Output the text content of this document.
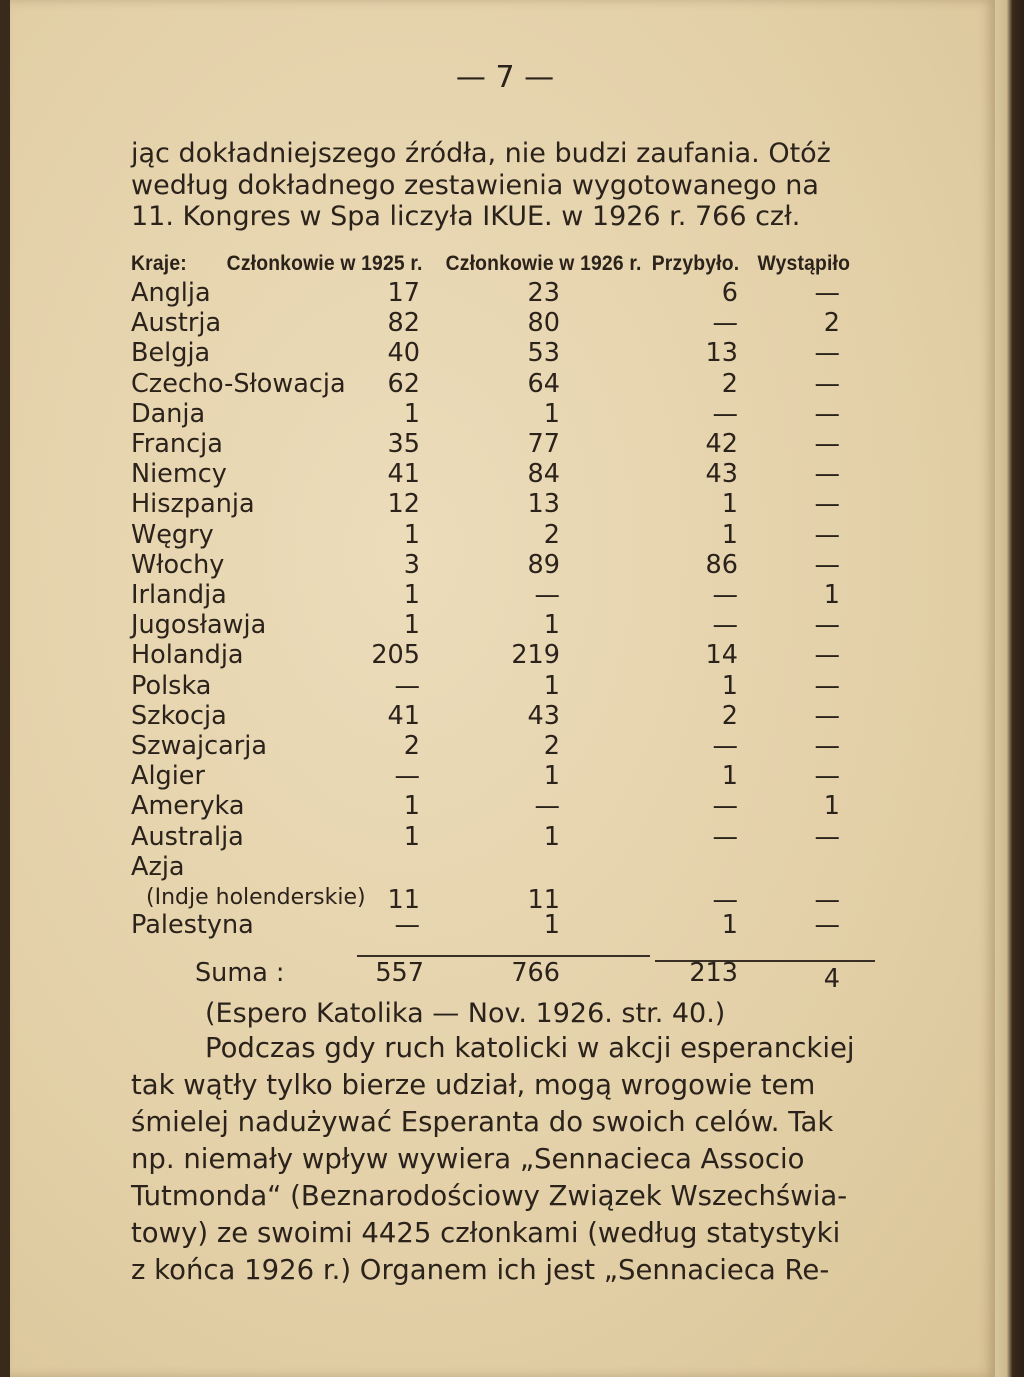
— 7 —
jąc dokładniejszego źródła, nie budzi zaufania. Otóż
według dokładnego zestawienia wygotowanego na
11. Kongres w Spa liczyła IKUE. w 1926 r. 766 czł.
Kraje: Członkowie w 1925 r. Członkowie w 1926 r. Przybyło. Wystąpiło
Anglja	17	23	6	—
Austrja	82	80	—	2
Belgja	40	53	13	—
Czecho-Słowacja	62	64	2	—
Danja	1	1	—	—
Francja	35	77	42	—
Niemcy	41	84	43	—
Hiszpanja	12	13	1	—
Węgry	1	2	1	—
Włochy	3	89	86	—
Irlandja	1	—	—	1
Jugosławja	1	1	—	—
Holandja	205	219	14	—
Polska	—	1	1	—
Szkocja	41	43	2	—
Szwajcarja	2	2	—	—
Algier	—	1	1	—
Ameryka	1	—	—	1
Australja	1	1	—	—
Azja
(Indje holenderskie) 11	11	—	—
Palestyna	—	1	1	—
Suma :	557	766	213	4
(Espero Katolika — Nov. 1926. str. 40.)
Podczas gdy ruch katolicki w akcji esperanckiej
tak wątły tylko bierze udział, mogą wrogowie tem
śmielej nadużywać Esperanta do swoich celów. Tak
np. niemały wpływ wywiera „Sennacieca Associo
Tutmonda“ (Beznarodościowy Związek Wszechświa-
towy) ze swoimi 4425 członkami (według statystyki
z końca 1926 r.) Organem ich jest „Sennacieca Re-
